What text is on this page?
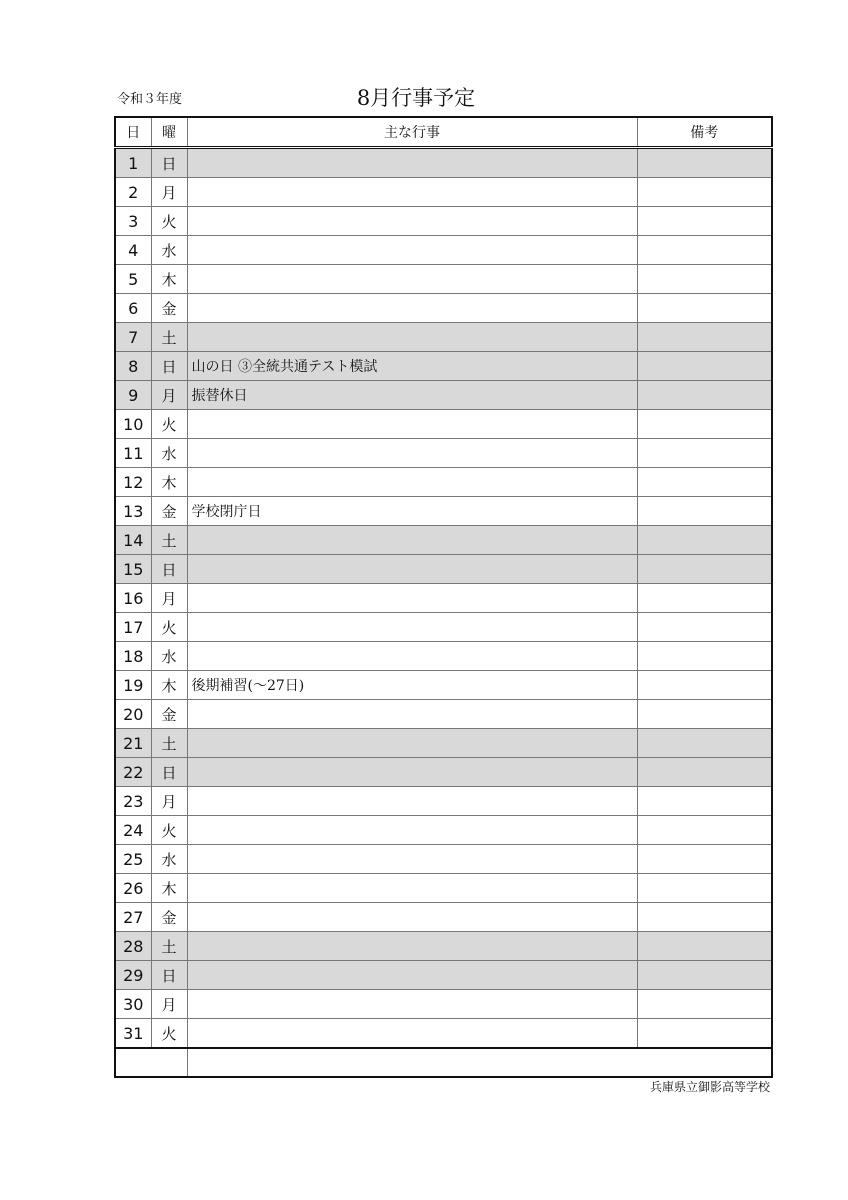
令和３年度	8月行事予定
日	曜	主な行事	備考
1	日		
2	月		
3	火		
4	水		
5	木		
6	金		
7	土		
8	日	山の日 ③全統共通テスト模試	
9	月	振替休日	
10	火		
11	水		
12	木		
13	金	学校閉庁日	
14	土		
15	日		
16	月		
17	火		
18	水		
19	木	後期補習(～27日)	
20	金		
21	土		
22	日		
23	月		
24	火		
25	水		
26	木		
27	金		
28	土		
29	日		
30	月		
31	火		

兵庫県立御影高等学校
